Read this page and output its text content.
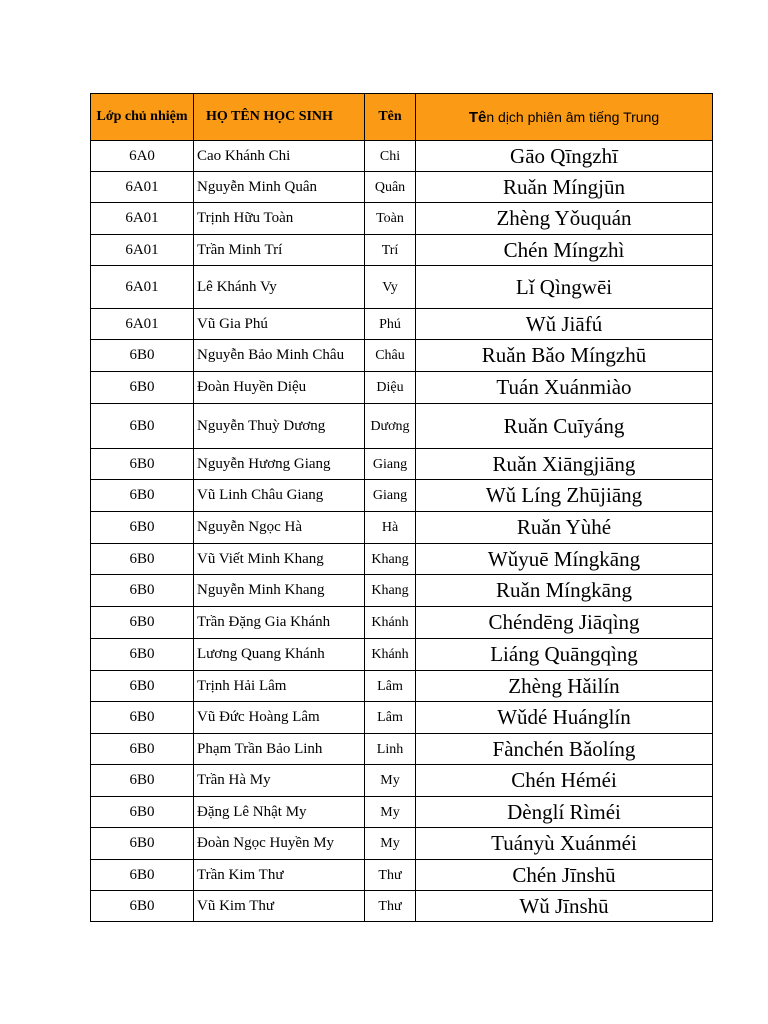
Lớp chủ nhiệm	HỌ TÊN HỌC SINH	Tên	Tên dịch phiên âm tiếng Trung
6A0	Cao Khánh Chi	Chi	Gāo Qīngzhī
6A01	Nguyễn Minh Quân	Quân	Ruǎn Míngjūn
6A01	Trịnh Hữu Toàn	Toàn	Zhèng Yǒuquán
6A01	Trần Minh Trí	Trí	Chén Míngzhì
6A01	Lê Khánh Vy	Vy	Lǐ Qìngwēi
6A01	Vũ Gia Phú	Phú	Wǔ Jiāfú
6B0	Nguyễn Bảo Minh Châu	Châu	Ruǎn Bǎo Míngzhū
6B0	Đoàn Huyền Diệu	Diệu	Tuán Xuánmiào
6B0	Nguyễn Thuỳ Dương	Dương	Ruǎn Cuīyáng
6B0	Nguyễn Hương Giang	Giang	Ruǎn Xiāngjiāng
6B0	Vũ Linh Châu Giang	Giang	Wǔ Líng Zhūjiāng
6B0	Nguyễn Ngọc Hà	Hà	Ruǎn Yùhé
6B0	Vũ Viết Minh Khang	Khang	Wǔyuē Míngkāng
6B0	Nguyễn Minh Khang	Khang	Ruǎn Míngkāng
6B0	Trần Đặng Gia Khánh	Khánh	Chéndēng Jiāqìng
6B0	Lương Quang Khánh	Khánh	Liáng Quāngqìng
6B0	Trịnh Hải Lâm	Lâm	Zhèng Hǎilín
6B0	Vũ Đức Hoàng Lâm	Lâm	Wǔdé Huánglín
6B0	Phạm Trần Bảo Linh	Linh	Fànchén Bǎolíng
6B0	Trần Hà My	My	Chén Héméi
6B0	Đặng Lê Nhật My	My	Dènglí Rìméi
6B0	Đoàn Ngọc Huyền My	My	Tuányù Xuánméi
6B0	Trần Kim Thư	Thư	Chén Jīnshū
6B0	Vũ Kim Thư	Thư	Wǔ Jīnshū
